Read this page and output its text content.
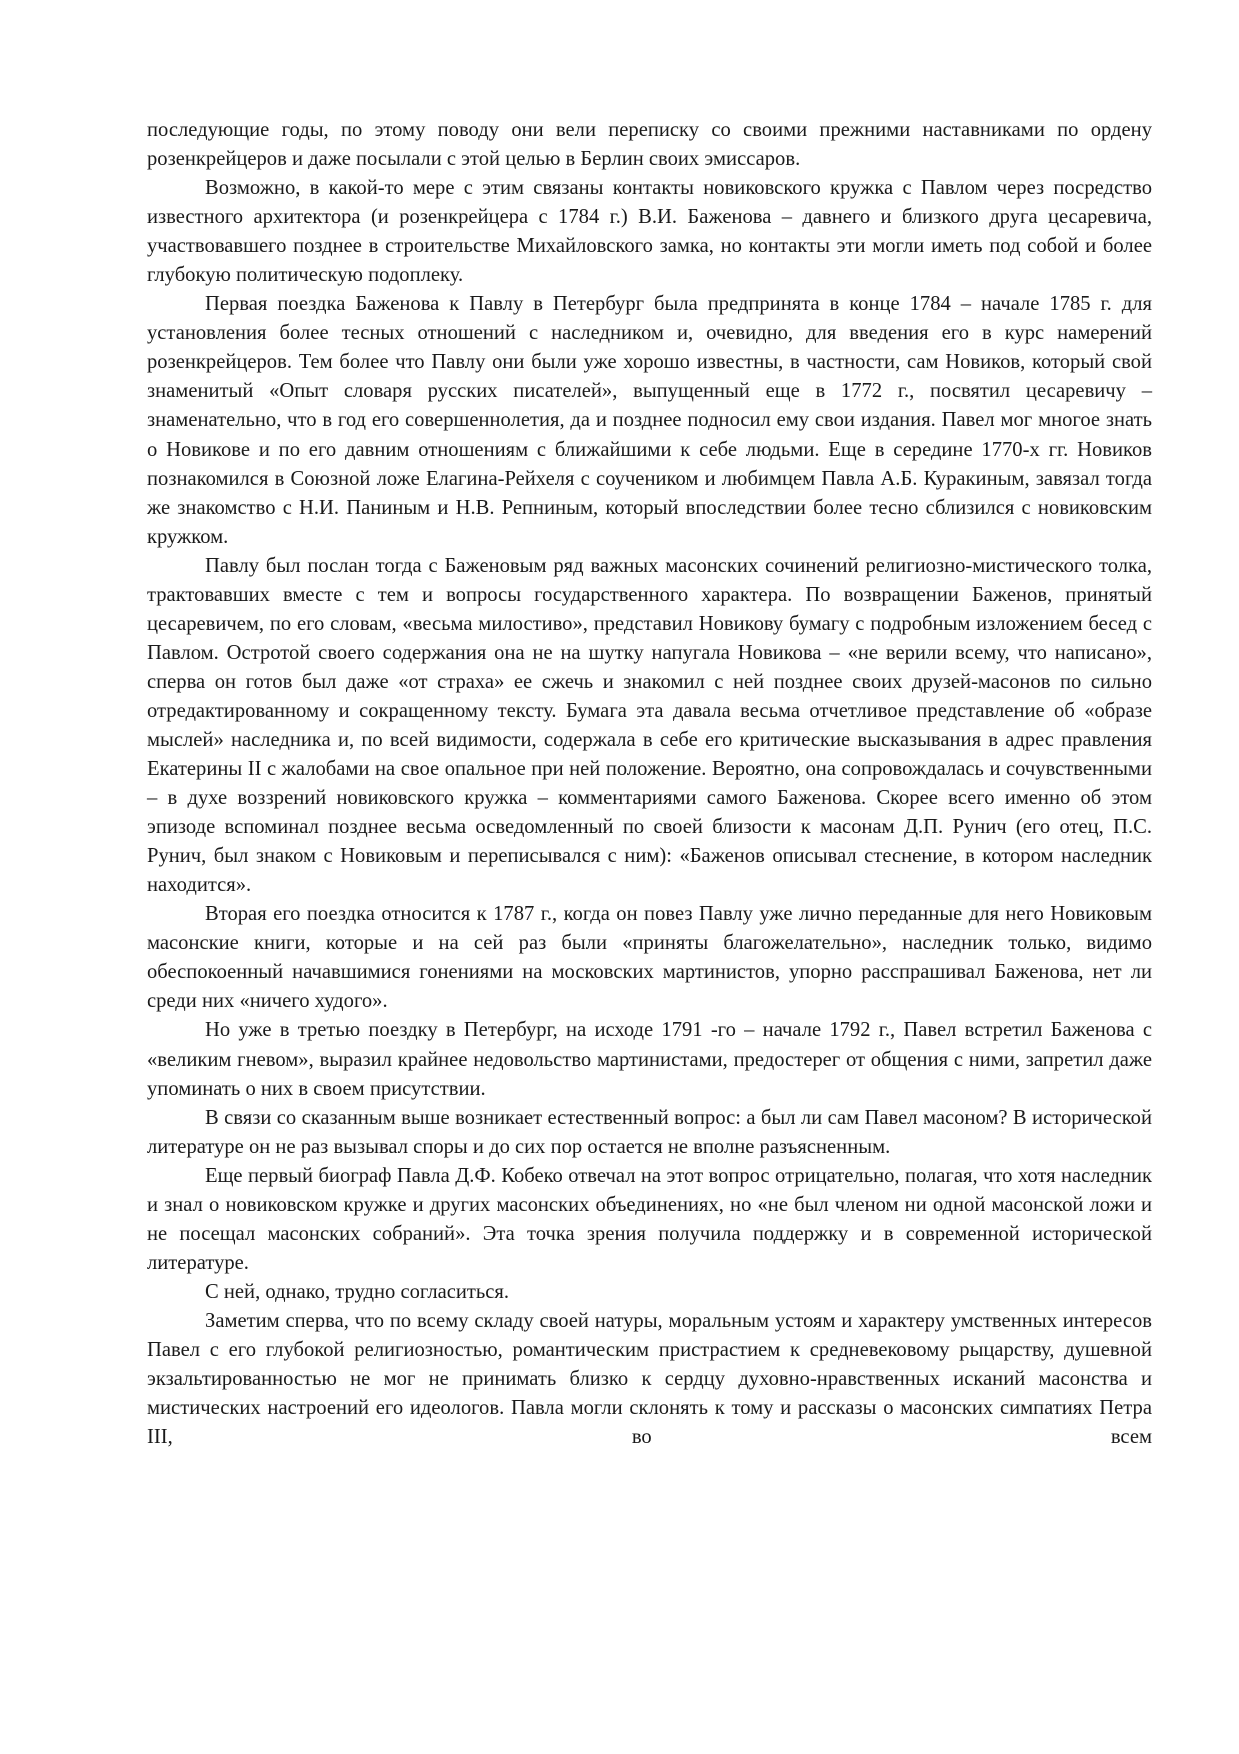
последующие годы, по этому поводу они вели переписку со своими прежними наставниками по ордену розенкрейцеров и даже посылали с этой целью в Берлин своих эмиссаров.

Возможно, в какой-то мере с этим связаны контакты новиковского кружка с Павлом через посредство известного архитектора (и розенкрейцера с 1784 г.) В.И. Баженова – давнего и близкого друга цесаревича, участвовавшего позднее в строительстве Михайловского замка, но контакты эти могли иметь под собой и более глубокую политическую подоплеку.

Первая поездка Баженова к Павлу в Петербург была предпринята в конце 1784 – начале 1785 г. для установления более тесных отношений с наследником и, очевидно, для введения его в курс намерений розенкрейцеров. Тем более что Павлу они были уже хорошо известны, в частности, сам Новиков, который свой знаменитый «Опыт словаря русских писателей», выпущенный еще в 1772 г., посвятил цесаревичу – знаменательно, что в год его совершеннолетия, да и позднее подносил ему свои издания. Павел мог многое знать о Новикове и по его давним отношениям с ближайшими к себе людьми. Еще в середине 1770-х гг. Новиков познакомился в Союзной ложе Елагина-Рейхеля с соучеником и любимцем Павла А.Б. Куракиным, завязал тогда же знакомство с Н.И. Паниным и Н.В. Репниным, который впоследствии более тесно сблизился с новиковским кружком.

Павлу был послан тогда с Баженовым ряд важных масонских сочинений религиозно-мистического толка, трактовавших вместе с тем и вопросы государственного характера. По возвращении Баженов, принятый цесаревичем, по его словам, «весьма милостиво», представил Новикову бумагу с подробным изложением бесед с Павлом. Остротой своего содержания она не на шутку напугала Новикова – «не верили всему, что написано», сперва он готов был даже «от страха» ее сжечь и знакомил с ней позднее своих друзей-масонов по сильно отредактированному и сокращенному тексту. Бумага эта давала весьма отчетливое представление об «образе мыслей» наследника и, по всей видимости, содержала в себе его критические высказывания в адрес правления Екатерины II с жалобами на свое опальное при ней положение. Вероятно, она сопровождалась и сочувственными – в духе воззрений новиковского кружка – комментариями самого Баженова. Скорее всего именно об этом эпизоде вспоминал позднее весьма осведомленный по своей близости к масонам Д.П. Рунич (его отец, П.С. Рунич, был знаком с Новиковым и переписывался с ним): «Баженов описывал стеснение, в котором наследник находится».

Вторая его поездка относится к 1787 г., когда он повез Павлу уже лично переданные для него Новиковым масонские книги, которые и на сей раз были «приняты благожелательно», наследник только, видимо обеспокоенный начавшимися гонениями на московских мартинистов, упорно расспрашивал Баженова, нет ли среди них «ничего худого».

Но уже в третью поездку в Петербург, на исходе 1791 -го – начале 1792 г., Павел встретил Баженова с «великим гневом», выразил крайнее недовольство мартинистами, предостерег от общения с ними, запретил даже упоминать о них в своем присутствии.

В связи со сказанным выше возникает естественный вопрос: а был ли сам Павел масоном? В исторической литературе он не раз вызывал споры и до сих пор остается не вполне разъясненным.

Еще первый биограф Павла Д.Ф. Кобеко отвечал на этот вопрос отрицательно, полагая, что хотя наследник и знал о новиковском кружке и других масонских объединениях, но «не был членом ни одной масонской ложи и не посещал масонских собраний». Эта точка зрения получила поддержку и в современной исторической литературе.

С ней, однако, трудно согласиться.

Заметим сперва, что по всему складу своей натуры, моральным устоям и характеру умственных интересов Павел с его глубокой религиозностью, романтическим пристрастием к средневековому рыцарству, душевной экзальтированностью не мог не принимать близко к сердцу духовно-нравственных исканий масонства и мистических настроений его идеологов. Павла могли склонять к тому и рассказы о масонских симпатиях Петра III, во всем
